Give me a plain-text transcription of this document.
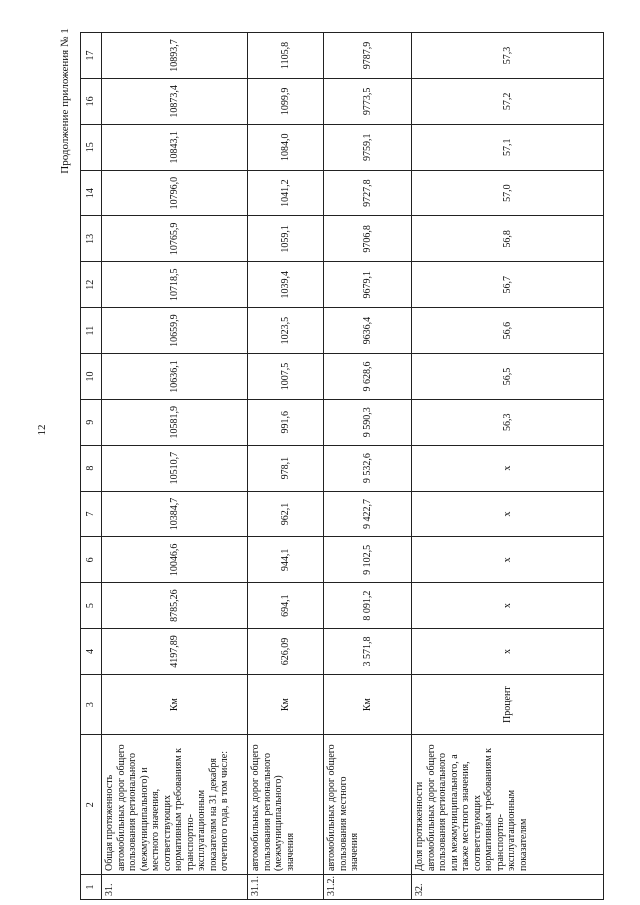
12
Продолжение приложения № 1
1	2	3	4	5	6	7	8	9	10	11	12	13	14	15	16	17
31.	Общая протяженность автомобильных дорог общего пользования регионального (межмуниципального) и местного значения, соответствующих нормативным требованиям к транспортно-эксплуатационным показателям на 31 декабря отчетного года, в том числе:	Км	4197,89	8785,26	10046,6	10384,7	10510,7	10581,9	10636,1	10659,9	10718,5	10765,9	10796,0	10843,1	10873,4	10893,7
31.1.	автомобильных дорог общего пользования регионального (межмуниципального) значения	Км	626,09	694,1	944,1	962,1	978,1	991,6	1007,5	1023,5	1039,4	1059,1	1041,2	1084,0	1099,9	1105,8
31.2.	автомобильных дорог общего пользования местного значения	Км	3 571,8	8 091,2	9 102,5	9 422,7	9 532,6	9 590,3	9 628,6	9636,4	9679,1	9706,8	9727,8	9759,1	9773,5	9787,9
32.	Доля протяженности автомобильных дорог общего пользования регионального или межмуниципального, а также местного значения, соответствующих нормативным требованиям к транспортно-эксплуатационным показателям	Процент	х	х	х	х	х	56,3	56,5	56,6	56,7	56,8	57,0	57,1	57,2	57,3
